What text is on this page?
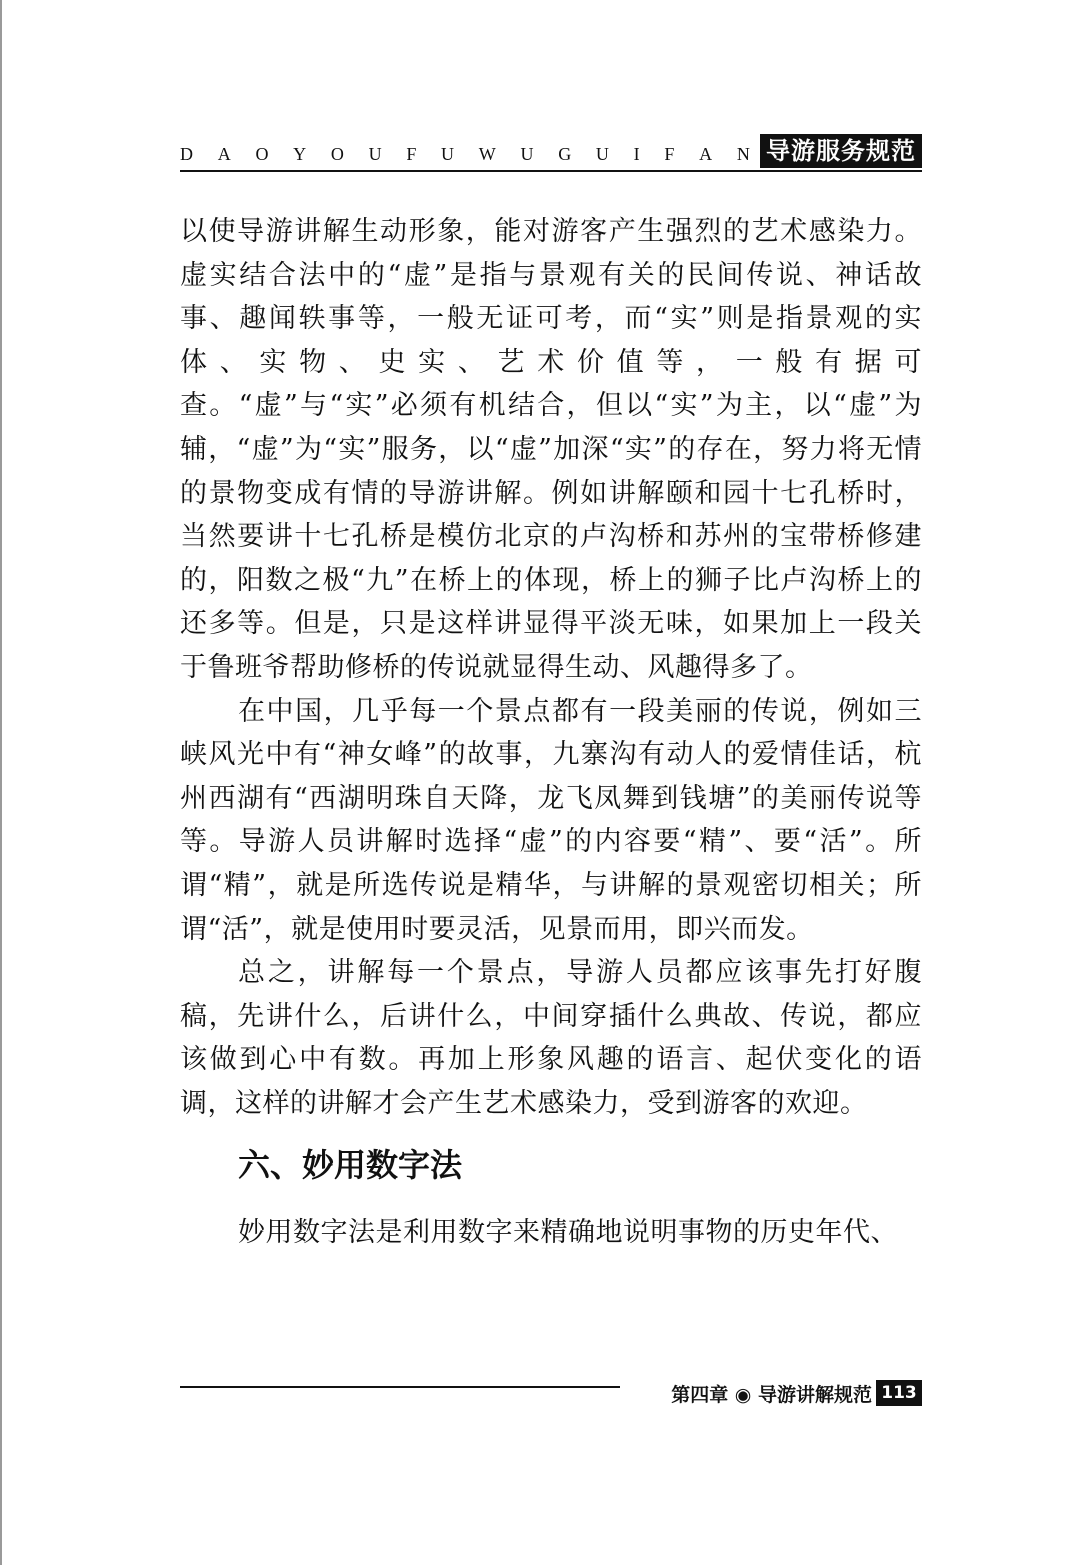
D A O Y O U F U W U G U I F A N 导游服务规范

以使导游讲解生动形象，能对游客产生强烈的艺术感染力。虚实结合法中的“虚”是指与景观有关的民间传说、神话故事、趣闻轶事等，一般无证可考，而“实”则是指景观的实体、实物、史实、艺术价值等，一般有据可查。“虚”与“实”必须有机结合，但以“实”为主，以“虚”为辅，“虚”为“实”服务，以“虚”加深“实”的存在，努力将无情的景物变成有情的导游讲解。例如讲解颐和园十七孔桥时，当然要讲十七孔桥是模仿北京的卢沟桥和苏州的宝带桥修建的，阳数之极“九”在桥上的体现，桥上的狮子比卢沟桥上的还多等。但是，只是这样讲显得平淡无味，如果加上一段关于鲁班爷帮助修桥的传说就显得生动、风趣得多了。

在中国，几乎每一个景点都有一段美丽的传说，例如三峡风光中有“神女峰”的故事，九寨沟有动人的爱情佳话，杭州西湖有“西湖明珠自天降，龙飞凤舞到钱塘”的美丽传说等等。导游人员讲解时选择“虚”的内容要“精”、要“活”。所谓“精”，就是所选传说是精华，与讲解的景观密切相关；所谓“活”，就是使用时要灵活，见景而用，即兴而发。

总之，讲解每一个景点，导游人员都应该事先打好腹稿，先讲什么，后讲什么，中间穿插什么典故、传说，都应该做到心中有数。再加上形象风趣的语言、起伏变化的语调，这样的讲解才会产生艺术感染力，受到游客的欢迎。

六、妙用数字法

妙用数字法是利用数字来精确地说明事物的历史年代、

第四章 ◉ 导游讲解规范 113
